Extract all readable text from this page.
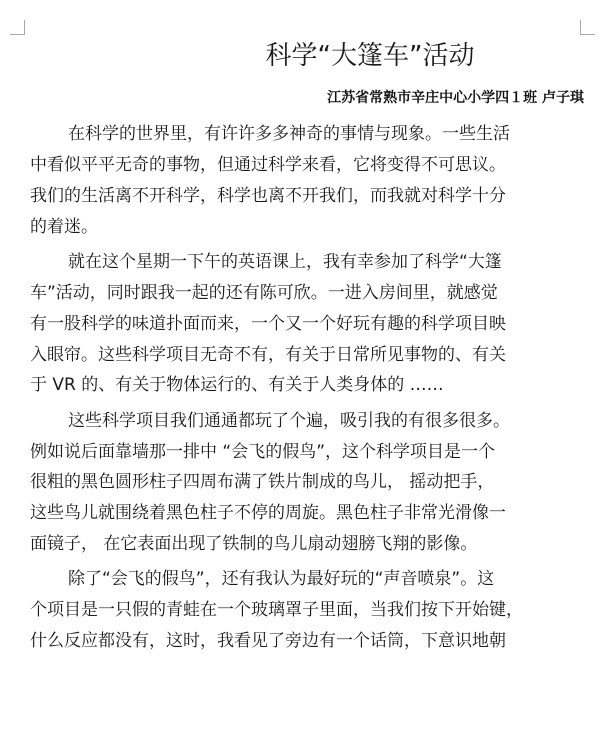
科学“大篷车”活动
江苏省常熟市辛庄中心小学四１班 卢子琪
在科学的世界里，有许许多多神奇的事情与现象。一些生活
中看似平平无奇的事物，但通过科学来看，它将变得不可思议。
我们的生活离不开科学，科学也离不开我们，而我就对科学十分
的着迷。
就在这个星期一下午的英语课上，我有幸参加了科学“大篷
车”活动，同时跟我一起的还有陈可欣。一进入房间里，就感觉
有一股科学的味道扑面而来，一个又一个好玩有趣的科学项目映
入眼帘。这些科学项目无奇不有，有关于日常所见事物的、有关
于 VR 的、有关于物体运行的、有关于人类身体的 ……
这些科学项目我们通通都玩了个遍，吸引我的有很多很多。
例如说后面靠墙那一排中 “会飞的假鸟”，这个科学项目是一个
很粗的黑色圆形柱子四周布满了铁片制成的鸟儿， 摇动把手，
这些鸟儿就围绕着黑色柱子不停的周旋。黑色柱子非常光滑像一
面镜子， 在它表面出现了铁制的鸟儿扇动翅膀飞翔的影像。
除了“会飞的假鸟”，还有我认为最好玩的“声音喷泉”。这
个项目是一只假的青蛙在一个玻璃罩子里面，当我们按下开始键，
什么反应都没有，这时，我看见了旁边有一个话筒，下意识地朝
